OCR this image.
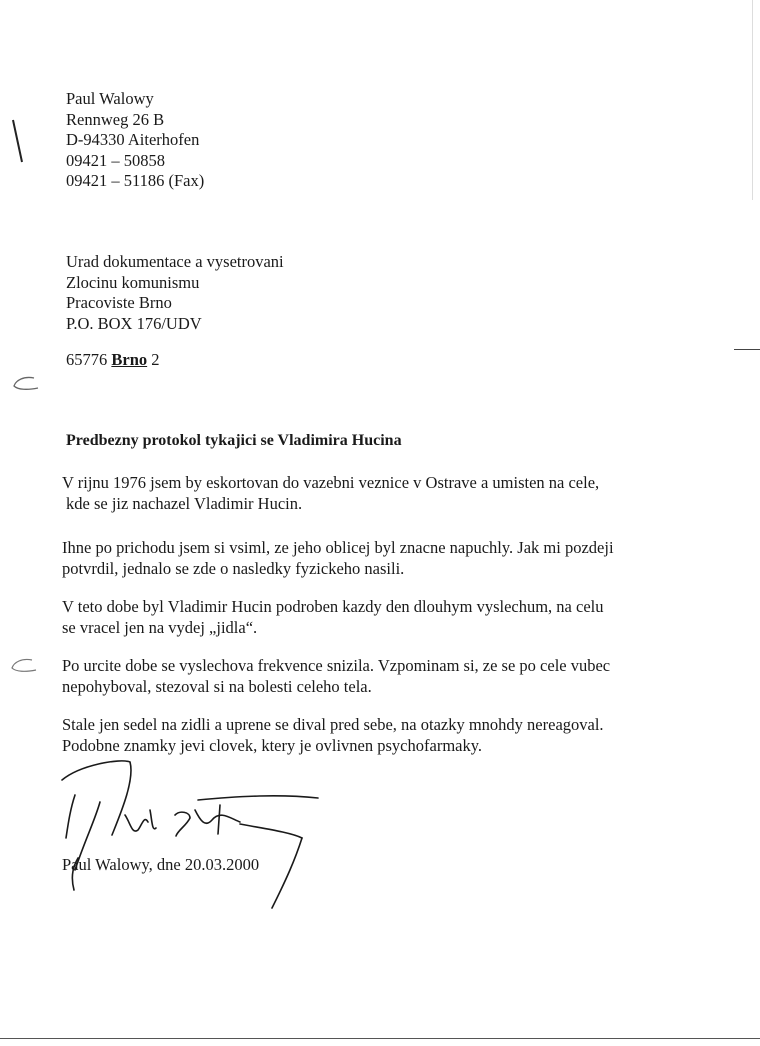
Paul Walowy
Rennweg 26 B
D-94330 Aiterhofen
09421 – 50858
09421 – 51186 (Fax)
Urad dokumentace a vysetrovani
Zlocinu komunismu
Pracoviste Brno
P.O. BOX 176/UDV
65776 Brno 2
Predbezny protokol tykajici se Vladimira Hucina
V rijnu 1976 jsem by eskortovan do vazebni veznice v Ostrave a umisten na cele,
kde se jiz nachazel Vladimir Hucin.
Ihne po prichodu jsem si vsiml, ze jeho oblicej byl znacne napuchly. Jak mi pozdeji
potvrdil, jednalo se zde o nasledky fyzickeho nasili.
V teto dobe byl Vladimir Hucin podroben kazdy den dlouhym vyslechum, na celu
se vracel jen na vydej „jidla“.
Po urcite dobe se vyslechova frekvence snizila. Vzpominam si, ze se po cele vubec
nepohyboval, stezoval si na bolesti celeho tela.
Stale jen sedel na zidli a uprene se dival pred sebe, na otazky mnohdy nereagoval.
Podobne znamky jevi clovek, ktery je ovlivnen psychofarmaky.
Paul Walowy, dne 20.03.2000
